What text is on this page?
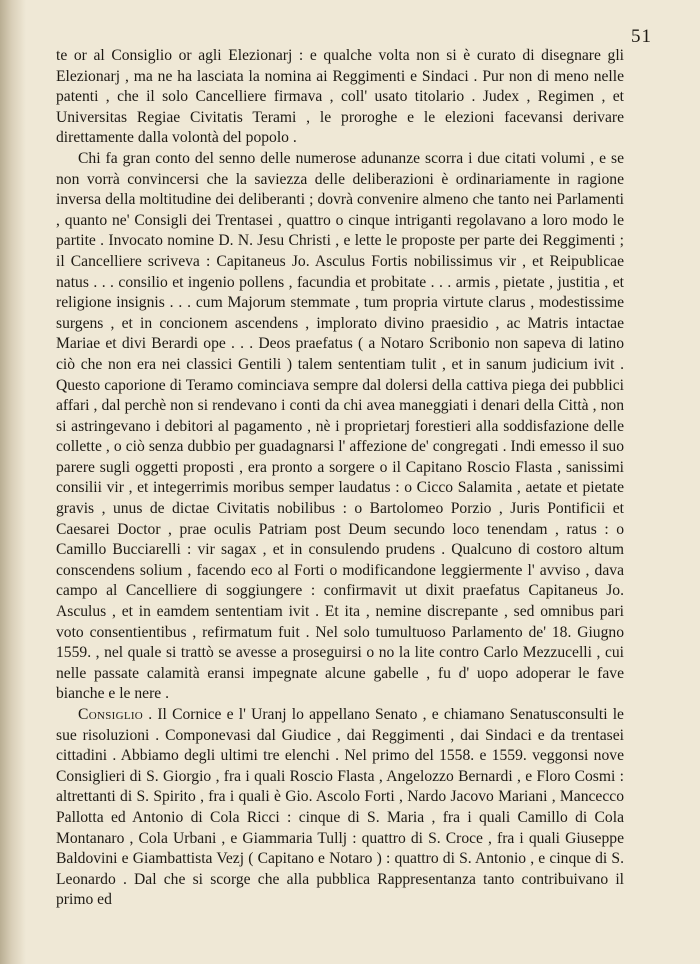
51

te or al Consiglio or agli Elezionarj : e qualche volta non si è curato di disegnare gli Elezionarj , ma ne ha lasciata la nomina ai Reggimenti e Sindaci . Pur non di meno nelle patenti , che il solo Cancelliere firmava , coll' usato titolario . Judex , Regimen , et Universitas Regiae Civitatis Terami , le proroghe e le elezioni facevansi derivare direttamente dalla volontà del popolo .

Chi fa gran conto del senno delle numerose adunanze scorra i due citati volumi , e se non vorrà convincersi che la saviezza delle deliberazioni è ordinariamente in ragione inversa della moltitudine dei deliberanti ; dovrà convenire almeno che tanto nei Parlamenti , quanto ne' Consigli dei Trentasei , quattro o cinque intriganti regolavano a loro modo le partite . Invocato nomine D. N. Jesu Christi , e lette le proposte per parte dei Reggimenti ; il Cancelliere scriveva : Capitaneus Jo. Asculus Fortis nobilissimus vir , et Reipublicae natus . . . consilio et ingenio pollens , facundia et probitate . . . armis , pietate , justitia , et religione insignis . . . cum Majorum stemmate , tum propria virtute clarus , modestissime surgens , et in concionem ascendens , implorato divino praesidio , ac Matris intactae Mariae et divi Berardi ope . . . Deos praefatus ( a Notaro Scribonio non sapeva di latino ciò che non era nei classici Gentili ) talem sententiam tulit , et in sanum judicium ivit . Questo caporione di Teramo cominciava sempre dal dolersi della cattiva piega dei pubblici affari , dal perchè non si rendevano i conti da chi avea maneggiati i denari della Città , non si astringevano i debitori al pagamento , nè i proprietarj forestieri alla soddisfazione delle collette , o ciò senza dubbio per guadagnarsi l' affezione de' congregati . Indi emesso il suo parere sugli oggetti proposti , era pronto a sorgere o il Capitano Roscio Flasta , sanissimi consilii vir , et integerrimis moribus semper laudatus : o Cicco Salamita , aetate et pietate gravis , unus de dictae Civitatis nobilibus : o Bartolomeo Porzio , Juris Pontificii et Caesarei Doctor , prae oculis Patriam post Deum secundo loco tenendam , ratus : o Camillo Bucciarelli : vir sagax , et in consulendo prudens . Qualcuno di costoro altum conscendens solium , facendo eco al Forti o modificandone leggiermente l' avviso , dava campo al Cancelliere di soggiungere : confirmavit ut dixit praefatus Capitaneus Jo. Asculus , et in eamdem sententiam ivit . Et ita , nemine discrepante , sed omnibus pari voto consentientibus , refirmatum fuit . Nel solo tumultuoso Parlamento de' 18. Giugno 1559. , nel quale si trattò se avesse a proseguirsi o no la lite contro Carlo Mezzucelli , cui nelle passate calamità eransi impegnate alcune gabelle , fu d' uopo adoperar le fave bianche e le nere .

Consiglio . Il Cornice e l' Uranj lo appellano Senato , e chiamano Senatusconsulti le sue risoluzioni . Componevasi dal Giudice , dai Reggimenti , dai Sindaci e da trentasei cittadini . Abbiamo degli ultimi tre elenchi . Nel primo del 1558. e 1559. veggonsi nove Consiglieri di S. Giorgio , fra i quali Roscio Flasta , Angelozzo Bernardi , e Floro Cosmi : altrettanti di S. Spirito , fra i quali è Gio. Ascolo Forti , Nardo Jacovo Mariani , Mancecco Pallotta ed Antonio di Cola Ricci : cinque di S. Maria , fra i quali Camillo di Cola Montanaro , Cola Urbani , e Giammaria Tullj : quattro di S. Croce , fra i quali Giuseppe Baldovini e Giambattista Vezj ( Capitano e Notaro ) : quattro di S. Antonio , e cinque di S. Leonardo . Dal che si scorge che alla pubblica Rappresentanza tanto contribuivano il primo ed
